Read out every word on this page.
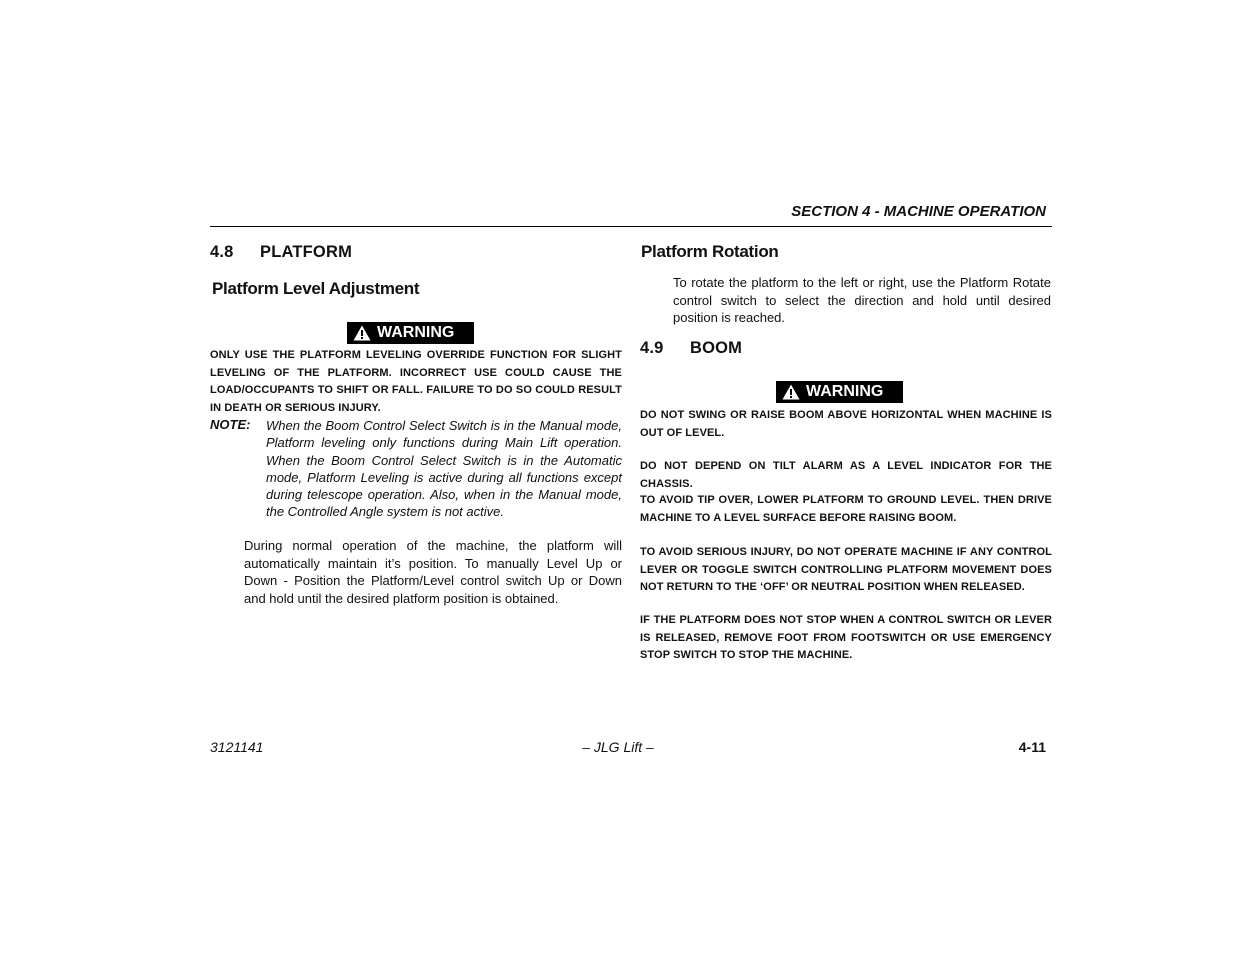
SECTION 4 - MACHINE OPERATION
4.8 PLATFORM
Platform Level Adjustment
WARNING
ONLY USE THE PLATFORM LEVELING OVERRIDE FUNCTION FOR SLIGHT LEVELING OF THE PLATFORM. INCORRECT USE COULD CAUSE THE LOAD/OCCUPANTS TO SHIFT OR FALL. FAILURE TO DO SO COULD RESULT IN DEATH OR SERIOUS INJURY.
NOTE: When the Boom Control Select Switch is in the Manual mode, Platform leveling only functions during Main Lift operation. When the Boom Control Select Switch is in the Automatic mode, Platform Leveling is active during all functions except during telescope operation. Also, when in the Manual mode, the Controlled Angle system is not active.
During normal operation of the machine, the platform will automatically maintain it’s position. To manually Level Up or Down - Position the Platform/Level control switch Up or Down and hold until the desired platform position is obtained.
Platform Rotation
To rotate the platform to the left or right, use the Platform Rotate control switch to select the direction and hold until desired position is reached.
4.9 BOOM
WARNING
DO NOT SWING OR RAISE BOOM ABOVE HORIZONTAL WHEN MACHINE IS OUT OF LEVEL.
DO NOT DEPEND ON TILT ALARM AS A LEVEL INDICATOR FOR THE CHASSIS.
TO AVOID TIP OVER, LOWER PLATFORM TO GROUND LEVEL. THEN DRIVE MACHINE TO A LEVEL SURFACE BEFORE RAISING BOOM.
TO AVOID SERIOUS INJURY, DO NOT OPERATE MACHINE IF ANY CONTROL LEVER OR TOGGLE SWITCH CONTROLLING PLATFORM MOVEMENT DOES NOT RETURN TO THE ‘OFF’ OR NEUTRAL POSITION WHEN RELEASED.
IF THE PLATFORM DOES NOT STOP WHEN A CONTROL SWITCH OR LEVER IS RELEASED, REMOVE FOOT FROM FOOTSWITCH OR USE EMERGENCY STOP SWITCH TO STOP THE MACHINE.
3121141	– JLG Lift –	4-11
